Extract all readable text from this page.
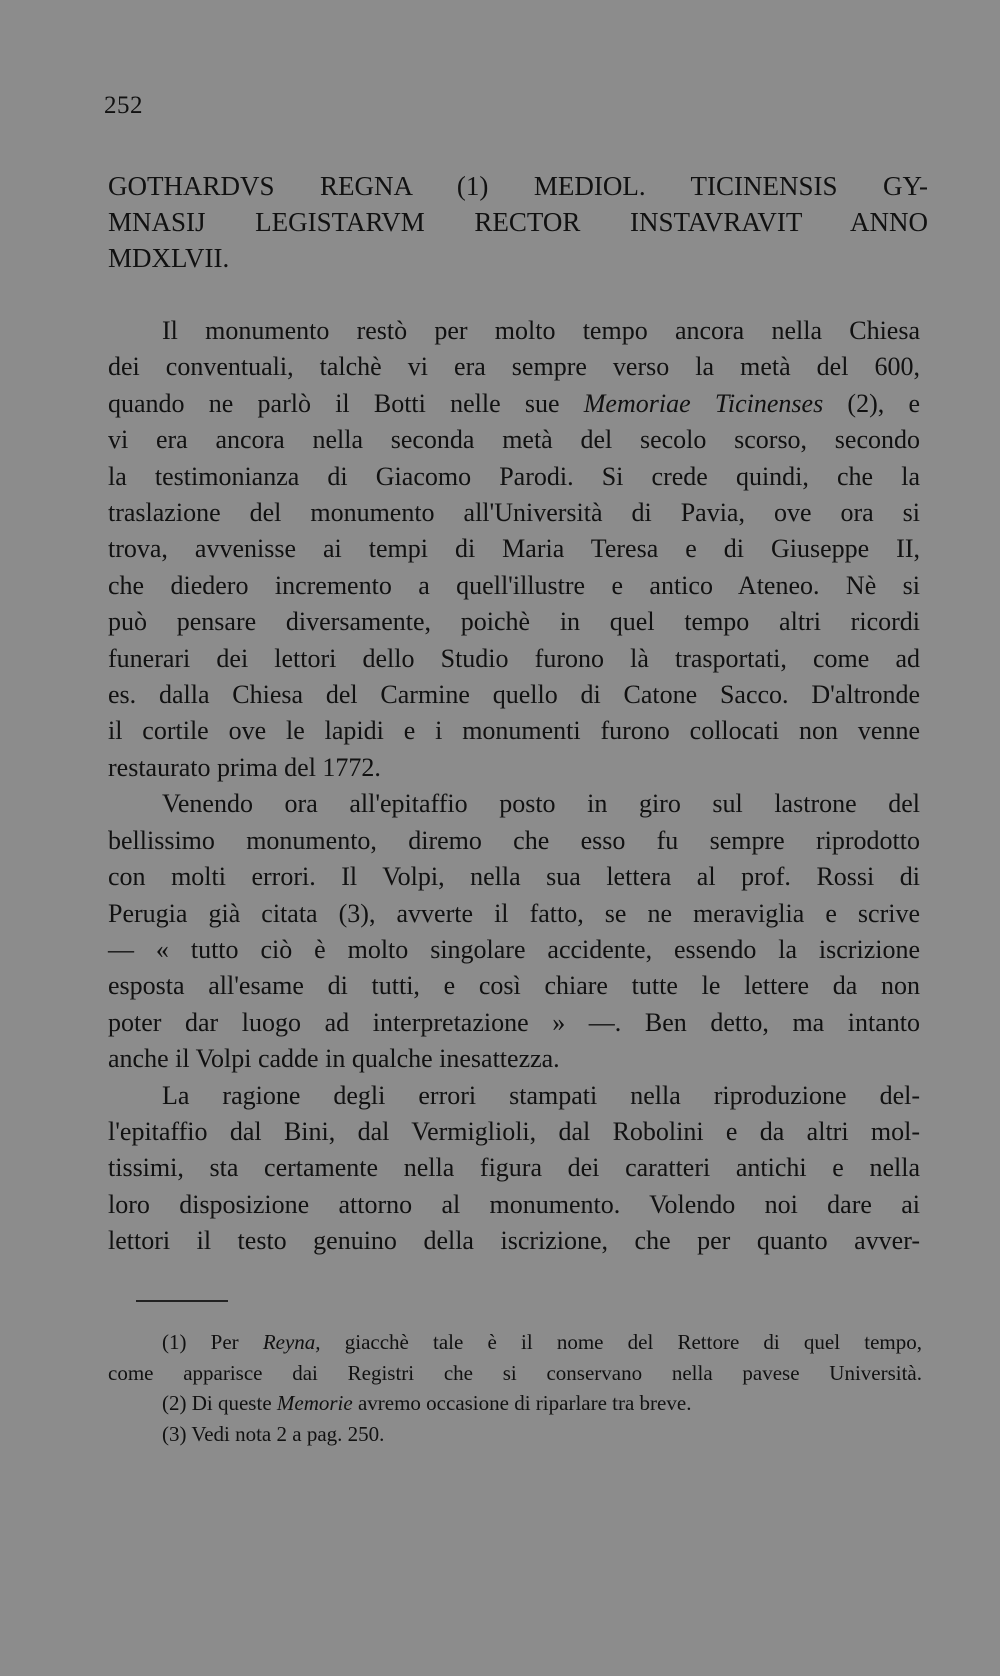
252
GOTHARDVS REGNA (1) MEDIOL. TICINENSIS GY-
MNASIJ LEGISTARVM RECTOR INSTAVRAVIT ANNO
MDXLVII.
Il monumento restò per molto tempo ancora nella Chiesa
dei conventuali, talchè vi era sempre verso la metà del 600,
quando ne parlò il Botti nelle sue Memoriae Ticinenses (2), e
vi era ancora nella seconda metà del secolo scorso, secondo
la testimonianza di Giacomo Parodi. Si crede quindi, che la
traslazione del monumento all'Università di Pavia, ove ora si
trova, avvenisse ai tempi di Maria Teresa e di Giuseppe II,
che diedero incremento a quell'illustre e antico Ateneo. Nè si
può pensare diversamente, poichè in quel tempo altri ricordi
funerari dei lettori dello Studio furono là trasportati, come ad
es. dalla Chiesa del Carmine quello di Catone Sacco. D'altronde
il cortile ove le lapidi e i monumenti furono collocati non venne
restaurato prima del 1772.
Venendo ora all'epitaffio posto in giro sul lastrone del
bellissimo monumento, diremo che esso fu sempre riprodotto
con molti errori. Il Volpi, nella sua lettera al prof. Rossi di
Perugia già citata (3), avverte il fatto, se ne meraviglia e scrive
— « tutto ciò è molto singolare accidente, essendo la iscrizione
esposta all'esame di tutti, e così chiare tutte le lettere da non
poter dar luogo ad interpretazione » —. Ben detto, ma intanto
anche il Volpi cadde in qualche inesattezza.
La ragione degli errori stampati nella riproduzione del-
l'epitaffio dal Bini, dal Vermiglioli, dal Robolini e da altri mol-
tissimi, sta certamente nella figura dei caratteri antichi e nella
loro disposizione attorno al monumento. Volendo noi dare ai
lettori il testo genuino della iscrizione, che per quanto avver-
(1) Per Reyna, giacchè tale è il nome del Rettore di quel tempo,
come apparisce dai Registri che si conservano nella pavese Università.
(2) Di queste Memorie avremo occasione di riparlare tra breve.
(3) Vedi nota 2 a pag. 250.
